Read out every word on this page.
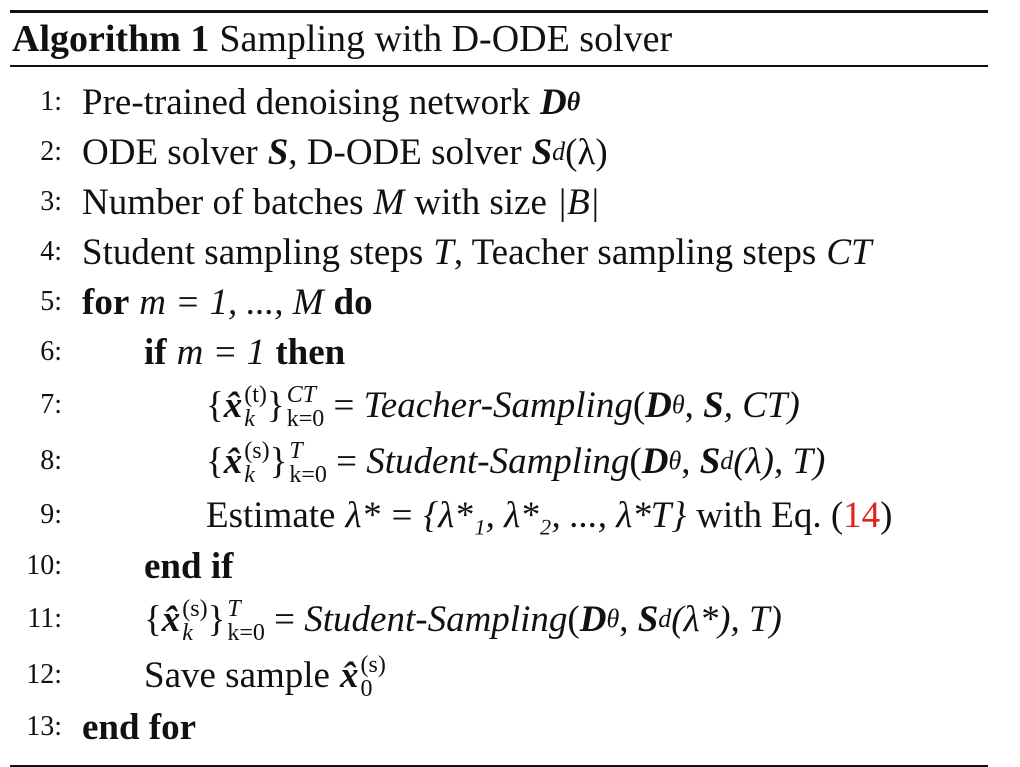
Algorithm 1 Sampling with D-ODE solver
1: Pre-trained denoising network D θ
2: ODE solver S , D-ODE solver S d (λ)
3: Number of batches M with size |B|
4: Student sampling steps T , Teacher sampling steps CT
5: for m = 1, ..., M do
6: if m = 1 then
7:	{ x̂ (t)
k } CT
k=0 = Teacher-Sampling ( D θ , S , CT)
8:	{ x̂ (s)
k } T
k=0 = Student-Sampling ( D θ , S d (λ), T)
9:	Estimate λ* = {λ*₁, λ*₂, ..., λ*T} with Eq. ( 14 )
10: end if
11: { x̂ (s)
k } T
k=0 = Student-Sampling ( D θ , S d (λ*), T)
12: Save sample x̂ (s)
0
13: end for
